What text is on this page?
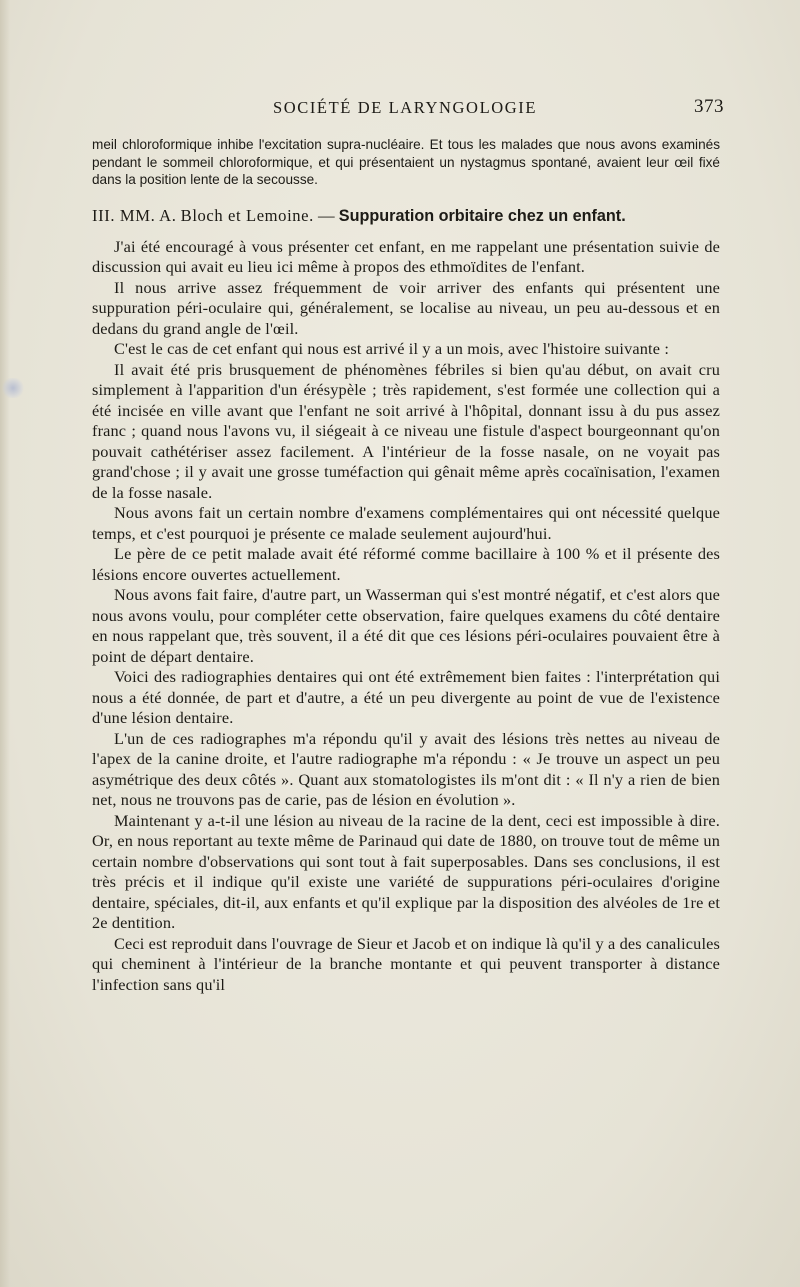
SOCIÉTÉ DE LARYNGOLOGIE	373

meil chloroformique inhibe l'excitation supra-nucléaire. Et tous les malades que nous avons examinés pendant le sommeil chloroformique, et qui présentaient un nystagmus spontané, avaient leur œil fixé dans la position lente de la secousse.

III. MM. A. Bloch et Lemoine. — Suppuration orbitaire chez un enfant.

J'ai été encouragé à vous présenter cet enfant, en me rappelant une présentation suivie de discussion qui avait eu lieu ici même à propos des ethmoïdites de l'enfant.

Il nous arrive assez fréquemment de voir arriver des enfants qui présentent une suppuration péri-oculaire qui, généralement, se localise au niveau, un peu au-dessous et en dedans du grand angle de l'œil.

C'est le cas de cet enfant qui nous est arrivé il y a un mois, avec l'histoire suivante :

Il avait été pris brusquement de phénomènes fébriles si bien qu'au début, on avait cru simplement à l'apparition d'un érésypèle ; très rapidement, s'est formée une collection qui a été incisée en ville avant que l'enfant ne soit arrivé à l'hôpital, donnant issu à du pus assez franc ; quand nous l'avons vu, il siégeait à ce niveau une fistule d'aspect bourgeonnant qu'on pouvait cathétériser assez facilement. A l'intérieur de la fosse nasale, on ne voyait pas grand'chose ; il y avait une grosse tuméfaction qui gênait même après cocaïnisation, l'examen de la fosse nasale.

Nous avons fait un certain nombre d'examens complémentaires qui ont nécessité quelque temps, et c'est pourquoi je présente ce malade seulement aujourd'hui.

Le père de ce petit malade avait été réformé comme bacillaire à 100 % et il présente des lésions encore ouvertes actuellement.

Nous avons fait faire, d'autre part, un Wasserman qui s'est montré négatif, et c'est alors que nous avons voulu, pour compléter cette observation, faire quelques examens du côté dentaire en nous rappelant que, très souvent, il a été dit que ces lésions péri-oculaires pouvaient être à point de départ dentaire.

Voici des radiographies dentaires qui ont été extrêmement bien faites : l'interprétation qui nous a été donnée, de part et d'autre, a été un peu divergente au point de vue de l'existence d'une lésion dentaire.

L'un de ces radiographes m'a répondu qu'il y avait des lésions très nettes au niveau de l'apex de la canine droite, et l'autre radiographe m'a répondu : « Je trouve un aspect un peu asymétrique des deux côtés ». Quant aux stomatologistes ils m'ont dit : « Il n'y a rien de bien net, nous ne trouvons pas de carie, pas de lésion en évolution ».

Maintenant y a-t-il une lésion au niveau de la racine de la dent, ceci est impossible à dire. Or, en nous reportant au texte même de Parinaud qui date de 1880, on trouve tout de même un certain nombre d'observations qui sont tout à fait superposables. Dans ses conclusions, il est très précis et il indique qu'il existe une variété de suppurations péri-oculaires d'origine dentaire, spéciales, dit-il, aux enfants et qu'il explique par la disposition des alvéoles de 1re et 2e dentition.

Ceci est reproduit dans l'ouvrage de Sieur et Jacob et on indique là qu'il y a des canalicules qui cheminent à l'intérieur de la branche montante et qui peuvent transporter à distance l'infection sans qu'il
